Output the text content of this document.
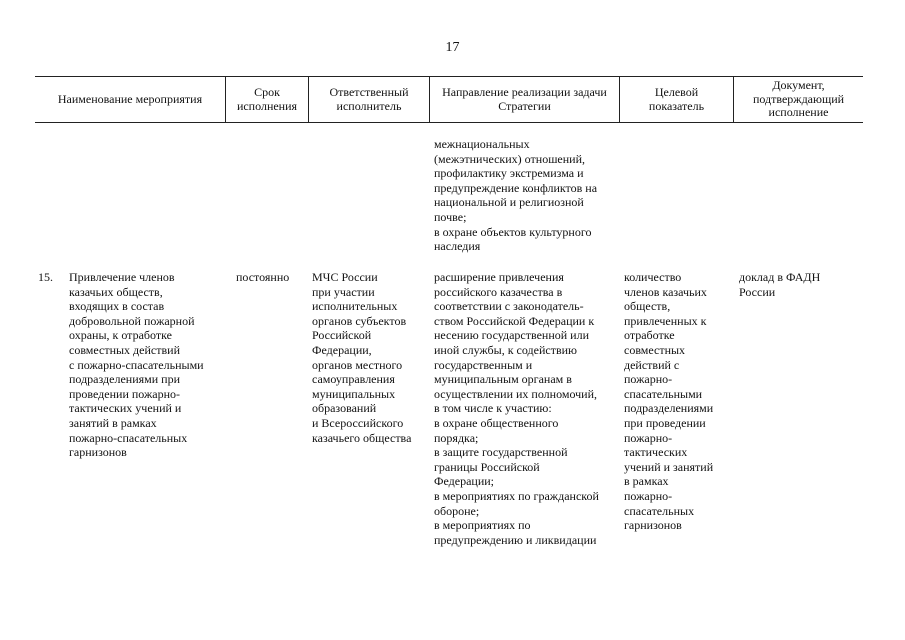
17
Наименование мероприятия	Срок
исполнения
Ответственный
исполнитель
Направление реализации задачи
Стратегии
Целевой
показатель
Документ,
подтверждающий
исполнение
межнациональных
(межэтнических) отношений,
профилактику экстремизма и
предупреждение конфликтов на
национальной и религиозной
почве;
в охране объектов культурного
наследия
15. Привлечение членов
казачьих обществ,
входящих в состав
добровольной пожарной
охраны, к отработке
совместных действий
с пожарно-спасательными
подразделениями при
проведении пожарно-
тактических учений и
занятий в рамках
пожарно-спасательных
гарнизонов
постоянно МЧС России
при участии
исполнительных
органов субъектов
Российской
Федерации,
органов местного
самоуправления
муниципальных
образований
и Всероссийского
казачьего общества
расширение привлечения
российского казачества в
соответствии с законодатель-
ством Российской Федерации к
несению государственной или
иной службы, к содействию
государственным и
муниципальным органам в
осуществлении их полномочий,
в том числе к участию:
в охране общественного
порядка;
в защите государственной
границы Российской
Федерации;
в мероприятиях по гражданской
обороне;
в мероприятиях по
предупреждению и ликвидации
количество
членов казачьих
обществ,
привлеченных к
отработке
совместных
действий с
пожарно-
спасательными
подразделениями
при проведении
пожарно-
тактических
учений и занятий
в рамках
пожарно-
спасательных
гарнизонов
доклад в ФАДН
России
